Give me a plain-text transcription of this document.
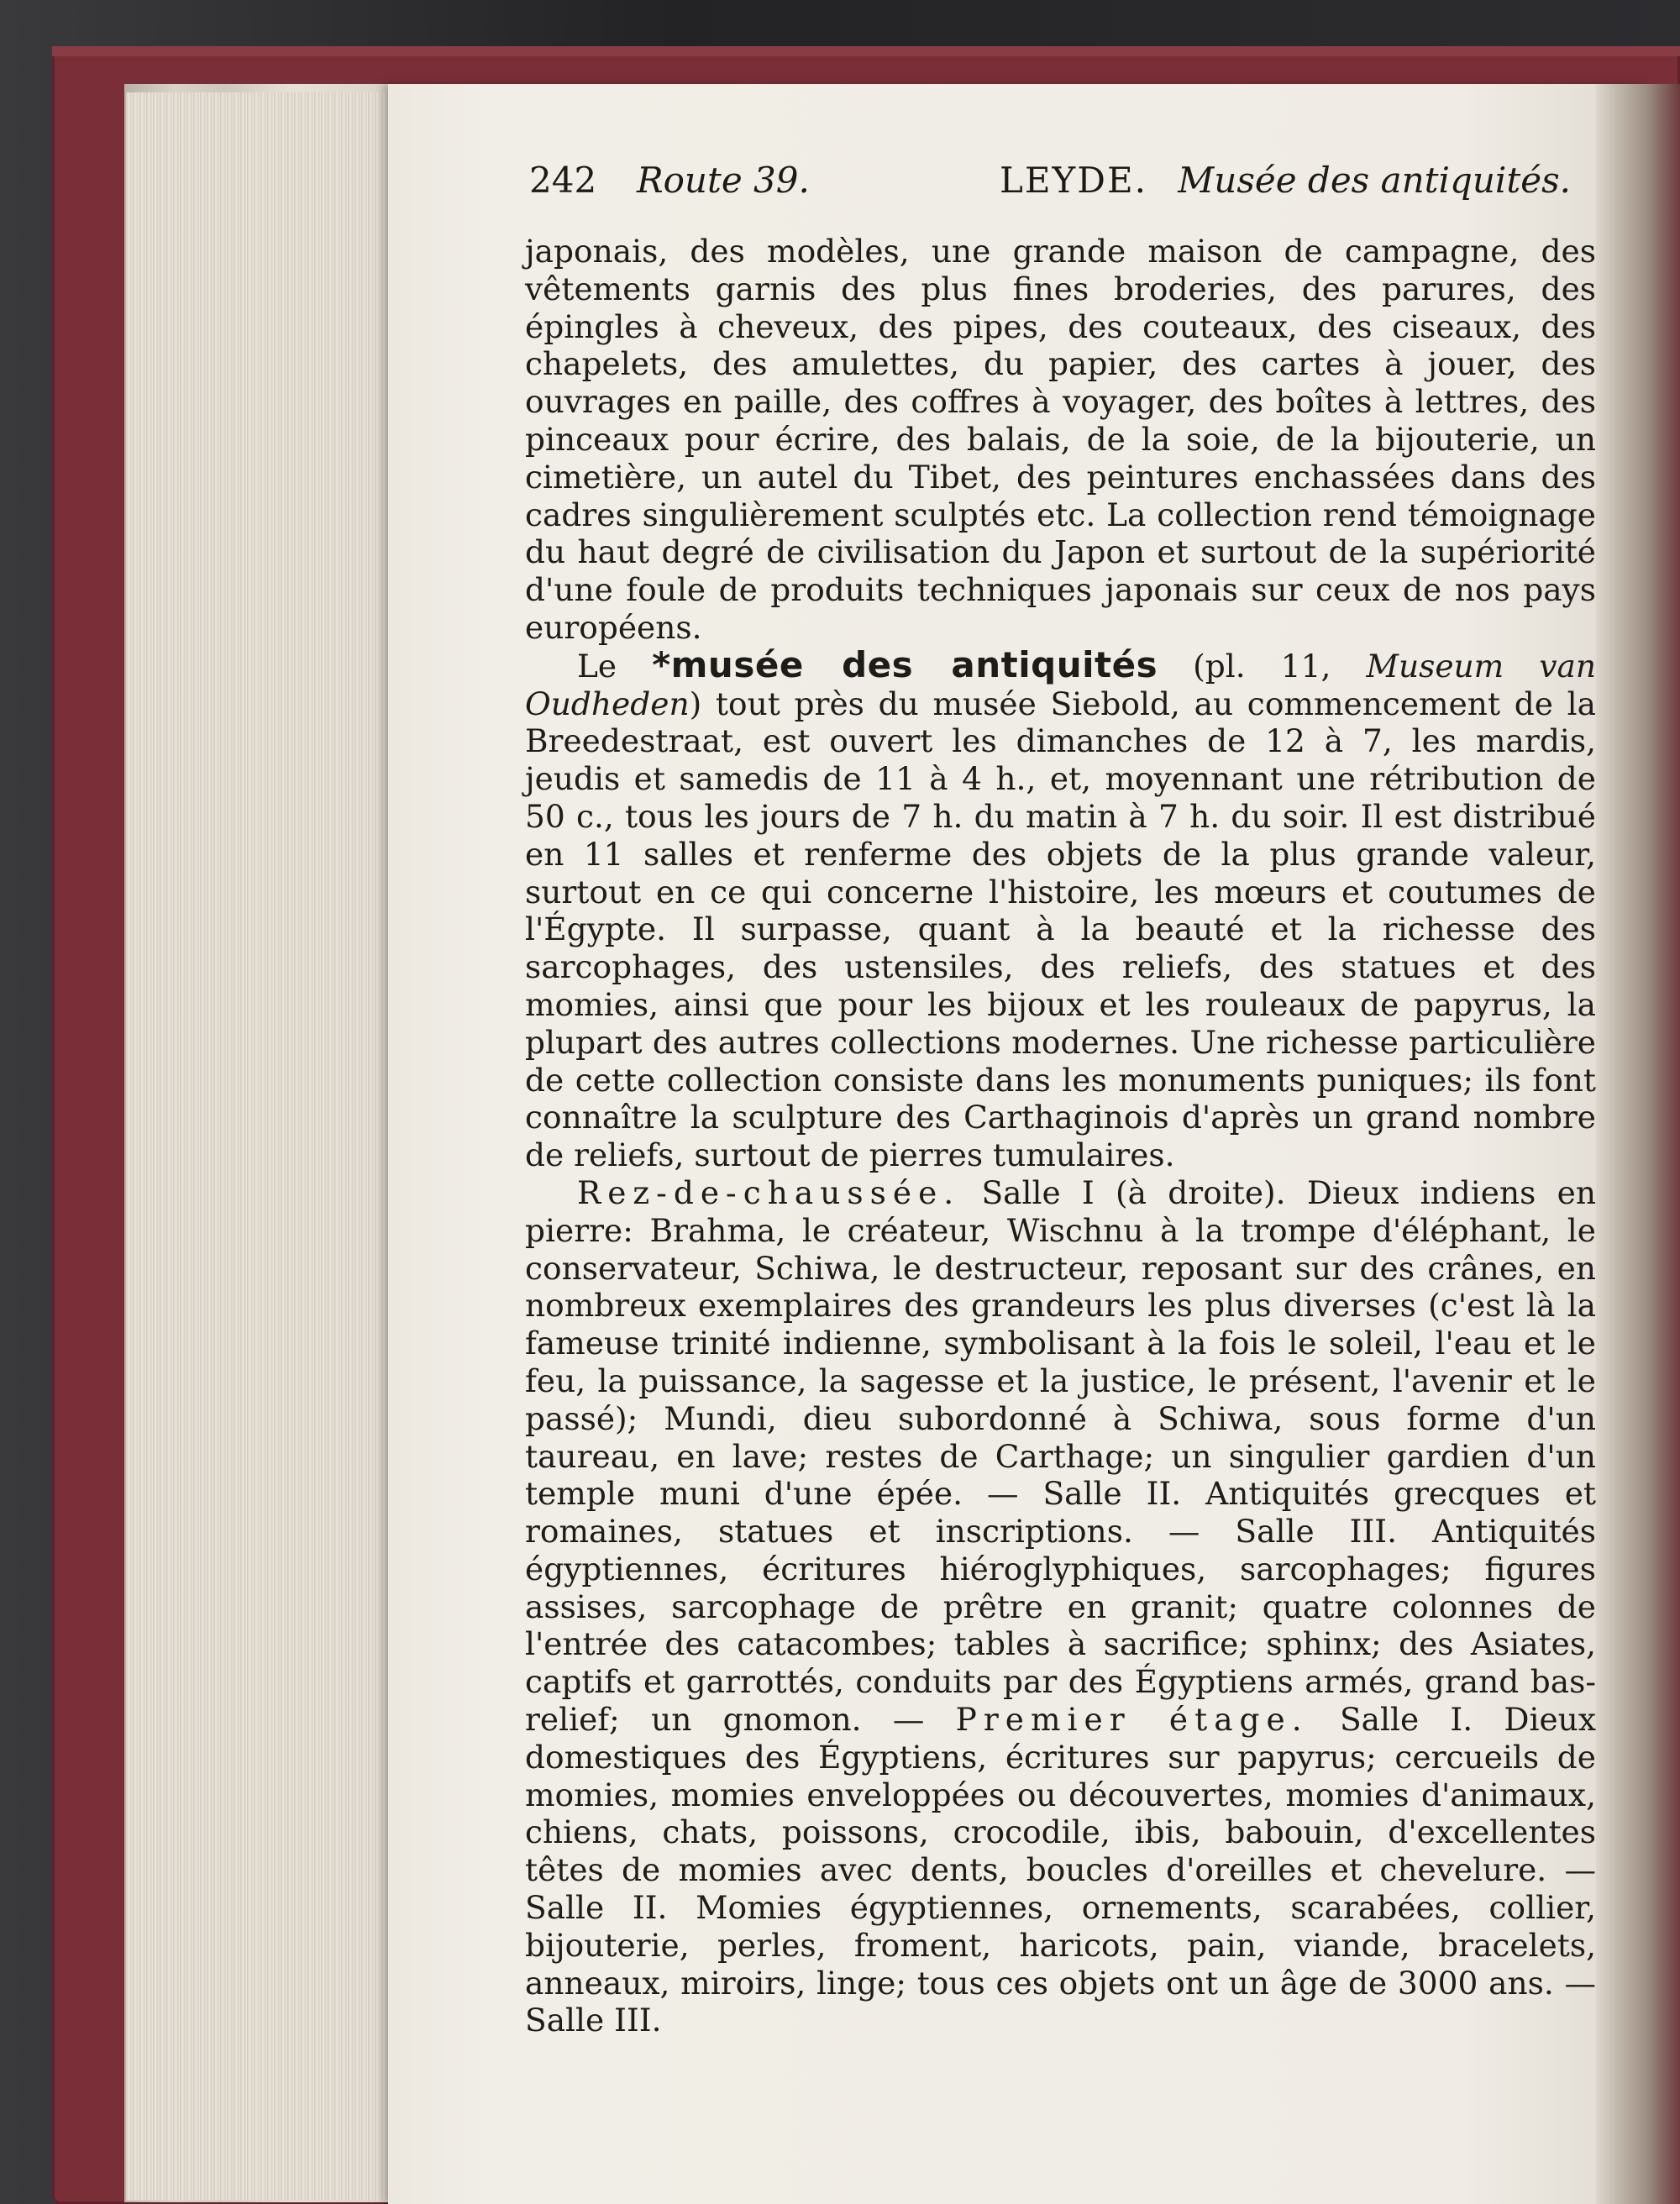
242 Route 39.	LEYDE. Musée des antiquités.

japonais, des modèles, une grande maison de campagne, des vêtements garnis des plus fines broderies, des parures, des épingles à cheveux, des pipes, des couteaux, des ciseaux, des chapelets, des amulettes, du papier, des cartes à jouer, des ouvrages en paille, des coffres à voyager, des boîtes à lettres, des pinceaux pour écrire, des balais, de la soie, de la bijouterie, un cimetière, un autel du Tibet, des peintures enchassées dans des cadres singulièrement sculptés etc. La collection rend témoignage du haut degré de civilisation du Japon et surtout de la supériorité d'une foule de produits techniques japonais sur ceux de nos pays européens.

Le *musée des antiquités (pl. 11, Museum van Oudheden) tout près du musée Siebold, au commencement de la Breedestraat, est ouvert les dimanches de 12 à 7, les mardis, jeudis et samedis de 11 à 4 h., et, moyennant une rétribution de 50 c., tous les jours de 7 h. du matin à 7 h. du soir. Il est distribué en 11 salles et renferme des objets de la plus grande valeur, surtout en ce qui concerne l'histoire, les mœurs et coutumes de l'Égypte. Il surpasse, quant à la beauté et la richesse des sarcophages, des ustensiles, des reliefs, des statues et des momies, ainsi que pour les bijoux et les rouleaux de papyrus, la plupart des autres collections modernes. Une richesse particulière de cette collection consiste dans les monuments puniques; ils font connaître la sculpture des Carthaginois d'après un grand nombre de reliefs, surtout de pierres tumulaires.

Rez-de-chaussée. Salle I (à droite). Dieux indiens en pierre: Brahma, le créateur, Wischnu à la trompe d'éléphant, le conservateur, Schiwa, le destructeur, reposant sur des crânes, en nombreux exemplaires des grandeurs les plus diverses (c'est là la fameuse trinité indienne, symbolisant à la fois le soleil, l'eau et le feu, la puissance, la sagesse et la justice, le présent, l'avenir et le passé); Mundi, dieu subordonné à Schiwa, sous forme d'un taureau, en lave; restes de Carthage; un singulier gardien d'un temple muni d'une épée. — Salle II. Antiquités grecques et romaines, statues et inscriptions. — Salle III. Antiquités égyptiennes, écritures hiéroglyphiques, sarcophages; figures assises, sarcophage de prêtre en granit; quatre colonnes de l'entrée des catacombes; tables à sacrifice; sphinx; des Asiates, captifs et garrottés, conduits par des Égyptiens armés, grand bas-relief; un gnomon. — Premier étage. Salle I. Dieux domestiques des Égyptiens, écritures sur papyrus; cercueils de momies, momies enveloppées ou découvertes, momies d'animaux, chiens, chats, poissons, crocodile, ibis, babouin, d'excellentes têtes de momies avec dents, boucles d'oreilles et chevelure. — Salle II. Momies égyptiennes, ornements, scarabées, collier, bijouterie, perles, froment, haricots, pain, viande, bracelets, anneaux, miroirs, linge; tous ces objets ont un âge de 3000 ans. — Salle III.
